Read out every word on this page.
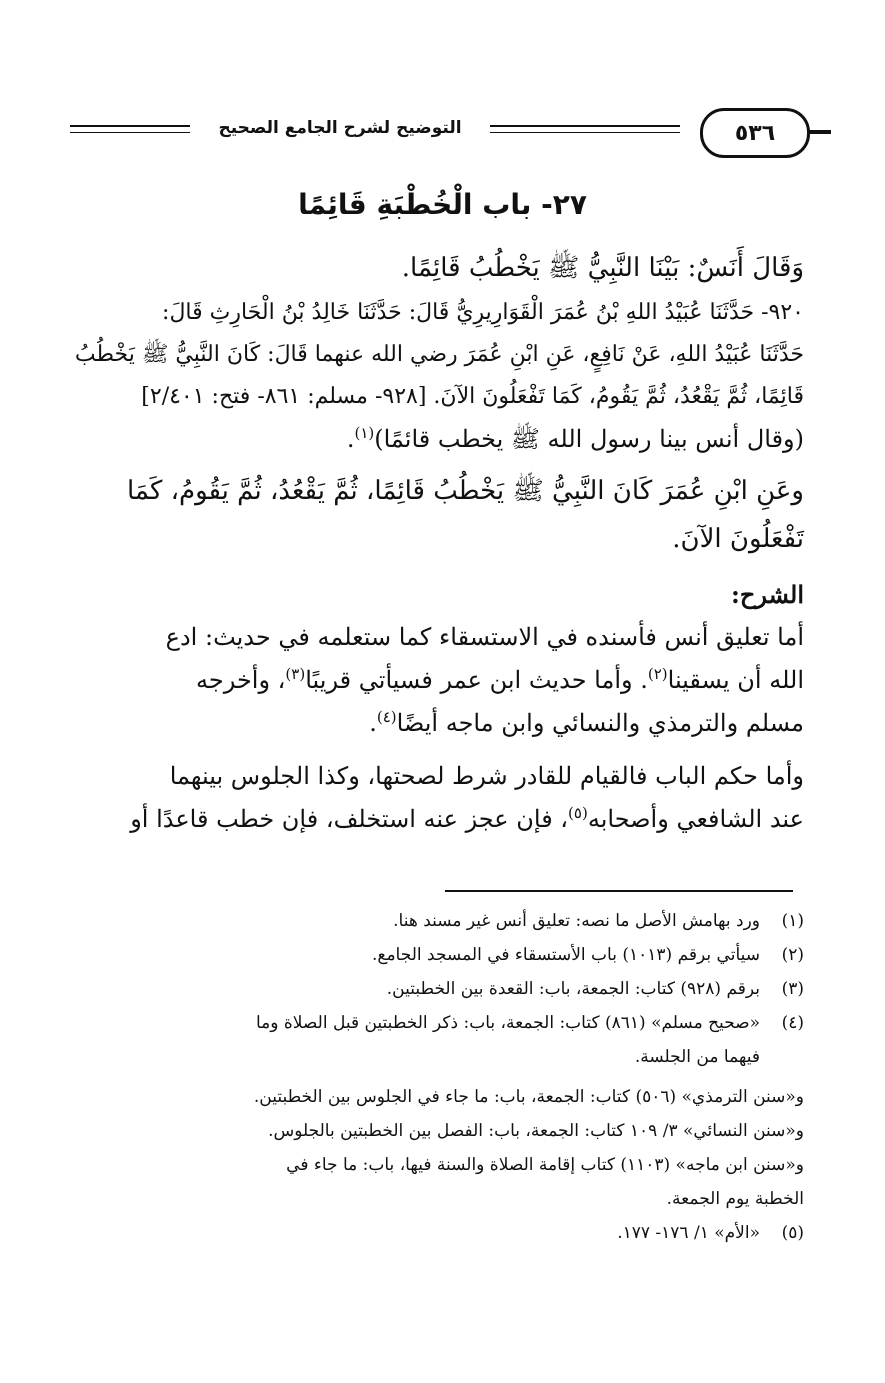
التوضيح لشرح الجامع الصحيح	٥٣٦
٢٧- باب الْخُطْبَةِ قَائِمًا
وَقَالَ أَنَسٌ: بَيْنَا النَّبِيُّ ﷺ يَخْطُبُ قَائِمًا.
٩٢٠- حَدَّثَنَا عُبَيْدُ اللهِ بْنُ عُمَرَ الْقَوَارِيرِيُّ قَالَ: حَدَّثَنَا خَالِدُ بْنُ الْحَارِثِ قَالَ:
حَدَّثَنَا عُبَيْدُ اللهِ، عَنْ نَافِعٍ، عَنِ ابْنِ عُمَرَ رضي الله عنهما قَالَ: كَانَ النَّبِيُّ ﷺ يَخْطُبُ
قَائِمًا، ثُمَّ يَقْعُدُ، ثُمَّ يَقُومُ، كَمَا تَفْعَلُونَ الآنَ. [٩٢٨- مسلم: ٨٦١- فتح: ٢/٤٠١]
(وقال أنس بينا رسول الله ﷺ يخطب قائمًا)$^{(١)}$.
وعَنِ ابْنِ عُمَرَ كَانَ النَّبِيُّ ﷺ يَخْطُبُ قَائِمًا، ثُمَّ يَقْعُدُ، ثُمَّ يَقُومُ، كَمَا
تَفْعَلُونَ الآنَ.
الشرح:
أما تعليق أنس فأسنده في الاستسقاء كما ستعلمه في حديث: ادع
الله أن يسقينا$^{(٢)}$. وأما حديث ابن عمر فسيأتي قريبًا$^{(٣)}$، وأخرجه
مسلم والترمذي والنسائي وابن ماجه أيضًا$^{(٤)}$.
وأما حكم الباب فالقيام للقادر شرط لصحتها، وكذا الجلوس بينهما
عند الشافعي وأصحابه$^{(٥)}$، فإن عجز عنه استخلف، فإن خطب قاعدًا أو
(١)
ورد بهامش الأصل ما نصه: تعليق أنس غير مسند هنا.
(٢)
سيأتي برقم (١٠١٣) باب الأستسقاء في المسجد الجامع.
(٣)
برقم (٩٢٨) كتاب: الجمعة، باب: القعدة بين الخطبتين.
(٤)
«صحيح مسلم» (٨٦١) كتاب: الجمعة، باب: ذكر الخطبتين قبل الصلاة وما
فيهما من الجلسة.
و«سنن الترمذي» (٥٠٦) كتاب: الجمعة، باب: ما جاء في الجلوس بين الخطبتين.
و«سنن النسائي» ٣/ ١٠٩ كتاب: الجمعة، باب: الفصل بين الخطبتين بالجلوس.
و«سنن ابن ماجه» (١١٠٣) كتاب إقامة الصلاة والسنة فيها، باب: ما جاء في
الخطبة يوم الجمعة.
(٥)
«الأم» ١/ ١٧٦- ١٧٧.
